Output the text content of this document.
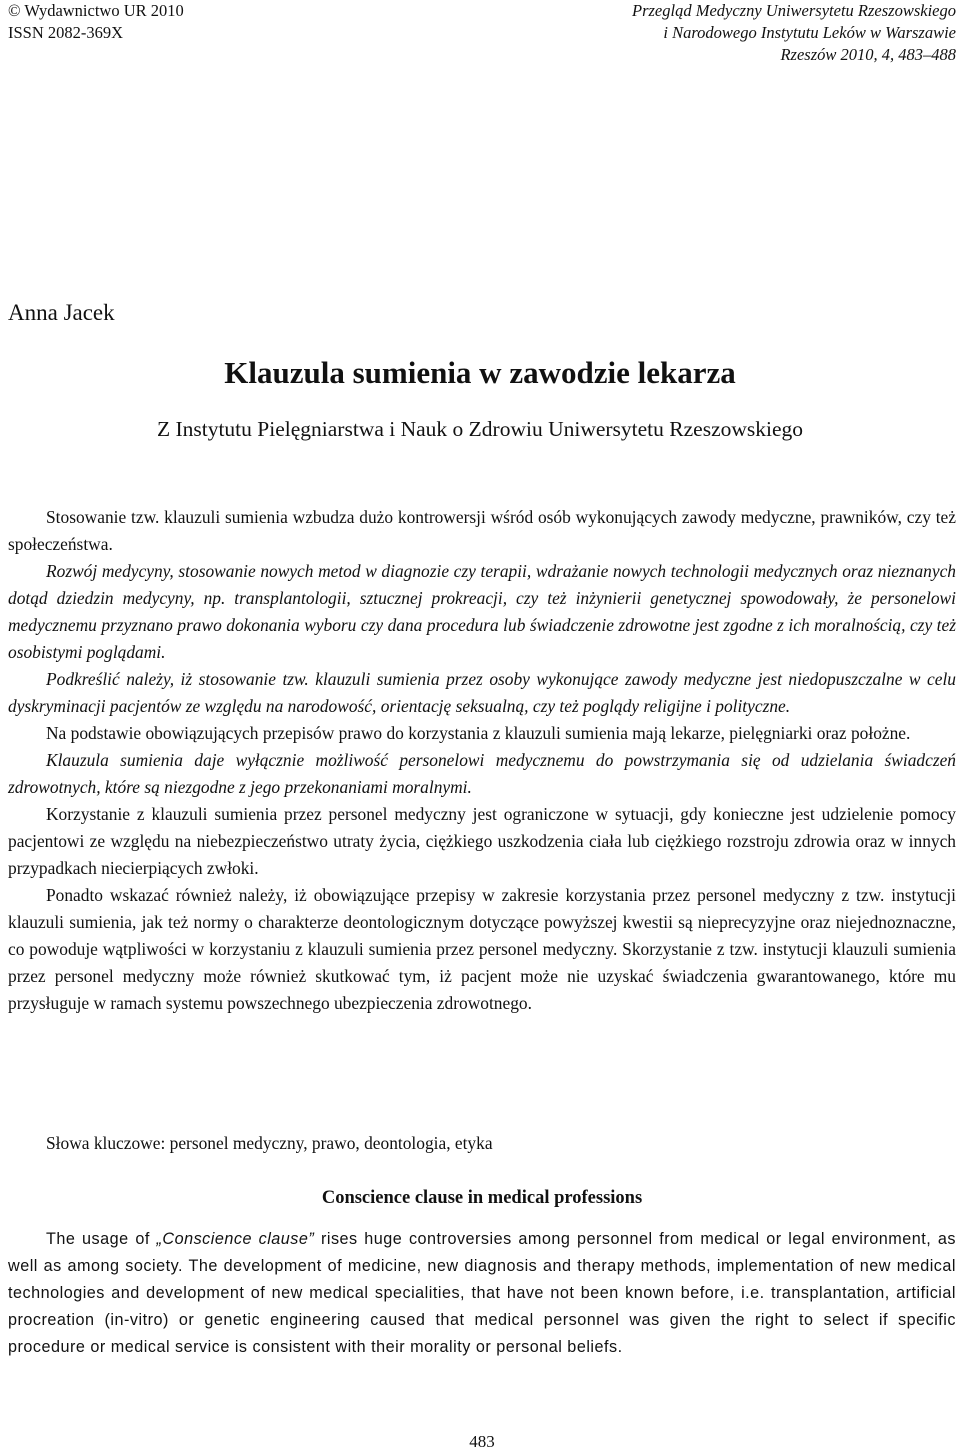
© Wydawnictwo UR 2010
ISSN 2082-369X
Przegląd Medyczny Uniwersytetu Rzeszowskiego
i Narodowego Instytutu Leków w Warszawie
Rzeszów 2010, 4, 483–488
Anna Jacek
Klauzula sumienia w zawodzie lekarza
Z Instytutu Pielęgniarstwa i Nauk o Zdrowiu Uniwersytetu Rzeszowskiego

Stosowanie tzw. klauzuli sumienia wzbudza dużo kontrowersji wśród osób wykonujących zawody medyczne, prawników, czy też społeczeństwa.

Rozwój medycyny, stosowanie nowych metod w diagnozie czy terapii, wdrażanie nowych technologii medycznych oraz nieznanych dotąd dziedzin medycyny, np. transplantologii, sztucznej prokreacji, czy też inżynierii genetycznej spowodowały, że personelowi medycznemu przyznano prawo dokonania wyboru czy dana procedura lub świadczenie zdrowotne jest zgodne z ich moralnością, czy też osobistymi poglądami.

Podkreślić należy, iż stosowanie tzw. klauzuli sumienia przez osoby wykonujące zawody medyczne jest niedopuszczalne w celu dyskryminacji pacjentów ze względu na narodowość, orientację seksualną, czy też poglądy religijne i polityczne.

Na podstawie obowiązujących przepisów prawo do korzystania z klauzuli sumienia mają lekarze, pielęgniarki oraz położne.

Klauzula sumienia daje wyłącznie możliwość personelowi medycznemu do powstrzymania się od udzielania świadczeń zdrowotnych, które są niezgodne z jego przekonaniami moralnymi.

Korzystanie z klauzuli sumienia przez personel medyczny jest ograniczone w sytuacji, gdy konieczne jest udzielenie pomocy pacjentowi ze względu na niebezpieczeństwo utraty życia, ciężkiego uszkodzenia ciała lub ciężkiego rozstroju zdrowia oraz w innych przypadkach niecierpiących zwłoki.

Ponadto wskazać również należy, iż obowiązujące przepisy w zakresie korzystania przez personel medyczny z tzw. instytucji klauzuli sumienia, jak też normy o charakterze deontologicznym dotyczące powyższej kwestii są nieprecyzyjne oraz niejednoznaczne, co powoduje wątpliwości w korzystaniu z klauzuli sumienia przez personel medyczny. Skorzystanie z tzw. instytucji klauzuli sumienia przez personel medyczny może również skutkować tym, iż pacjent może nie uzyskać świadczenia gwarantowanego, które mu przysługuje w ramach systemu powszechnego ubezpieczenia zdrowotnego.

Słowa kluczowe: personel medyczny, prawo, deontologia, etyka
Conscience clause in medical professions

The usage of „Conscience clause” rises huge controversies among personnel from medical or legal environment, as well as among society. The development of medicine, new diagnosis and therapy methods, implementation of new medical technologies and development of new medical specialities, that have not been known before, i.e. transplantation, artificial procreation (in-vitro) or genetic engineering caused that medical personnel was given the right to select if specific procedure or medical service is consistent with their morality or personal beliefs.

483
